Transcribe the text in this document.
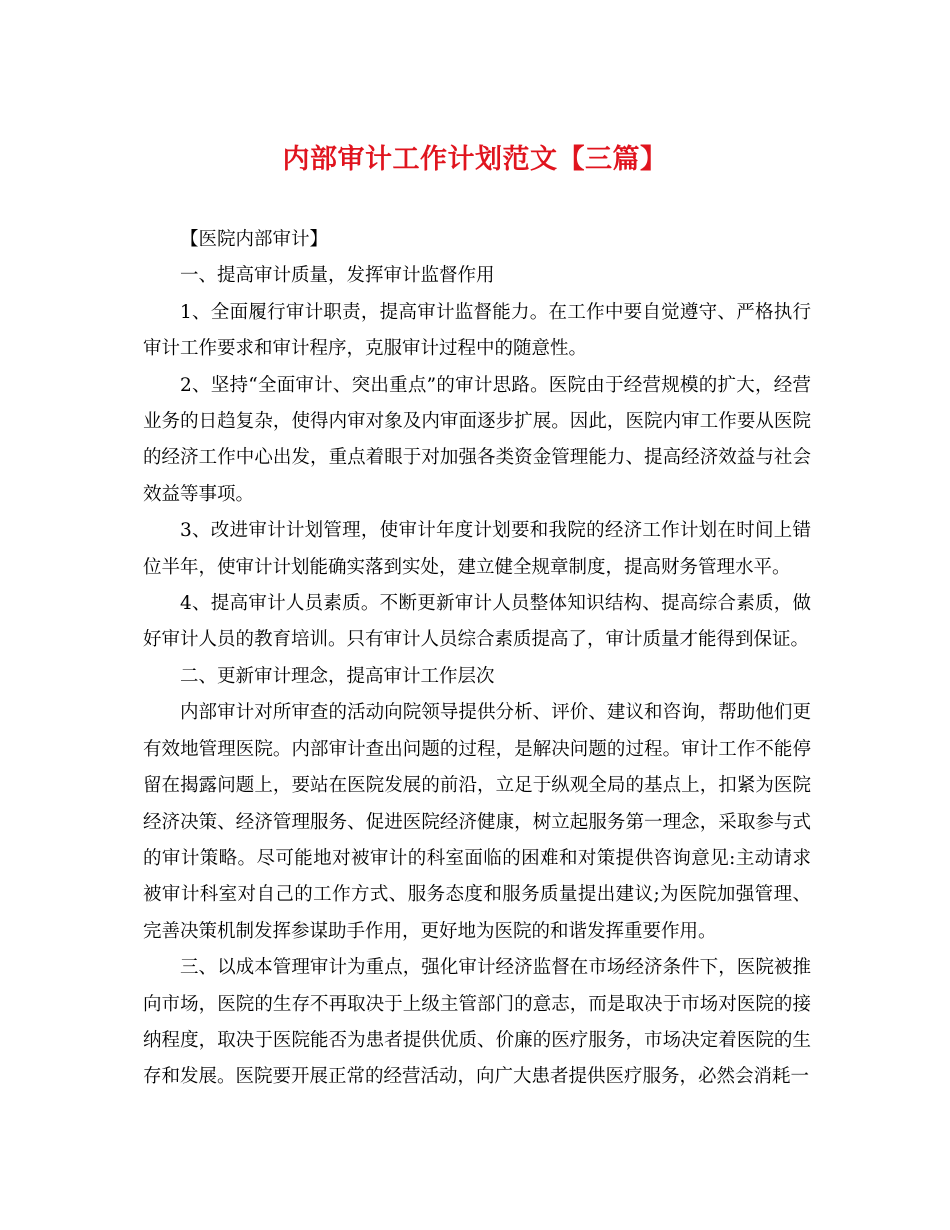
内部审计工作计划范文【三篇】

【医院内部审计】

一、提高审计质量，发挥审计监督作用

1、全面履行审计职责，提高审计监督能力。在工作中要自觉遵守、严格执行审计工作要求和审计程序，克服审计过程中的随意性。

2、坚持“全面审计、突出重点”的审计思路。医院由于经营规模的扩大，经营业务的日趋复杂，使得内审对象及内审面逐步扩展。因此，医院内审工作要从医院的经济工作中心出发，重点着眼于对加强各类资金管理能力、提高经济效益与社会效益等事项。

3、改进审计计划管理，使审计年度计划要和我院的经济工作计划在时间上错位半年，使审计计划能确实落到实处，建立健全规章制度，提高财务管理水平。

4、提高审计人员素质。不断更新审计人员整体知识结构、提高综合素质，做好审计人员的教育培训。只有审计人员综合素质提高了，审计质量才能得到保证。

二、更新审计理念，提高审计工作层次

内部审计对所审查的活动向院领导提供分析、评价、建议和咨询，帮助他们更有效地管理医院。内部审计查出问题的过程，是解决问题的过程。审计工作不能停留在揭露问题上，要站在医院发展的前沿，立足于纵观全局的基点上，扣紧为医院经济决策、经济管理服务、促进医院经济健康，树立起服务第一理念，采取参与式的审计策略。尽可能地对被审计的科室面临的困难和对策提供咨询意见:主动请求被审计科室对自己的工作方式、服务态度和服务质量提出建议;为医院加强管理、完善决策机制发挥参谋助手作用，更好地为医院的和谐发挥重要作用。

三、以成本管理审计为重点，强化审计经济监督在市场经济条件下，医院被推向市场，医院的生存不再取决于上级主管部门的意志，而是取决于市场对医院的接纳程度，取决于医院能否为患者提供优质、价廉的医疗服务，市场决定着医院的生存和发展。医院要开展正常的经营活动，向广大患者提供医疗服务，必然会消耗一
